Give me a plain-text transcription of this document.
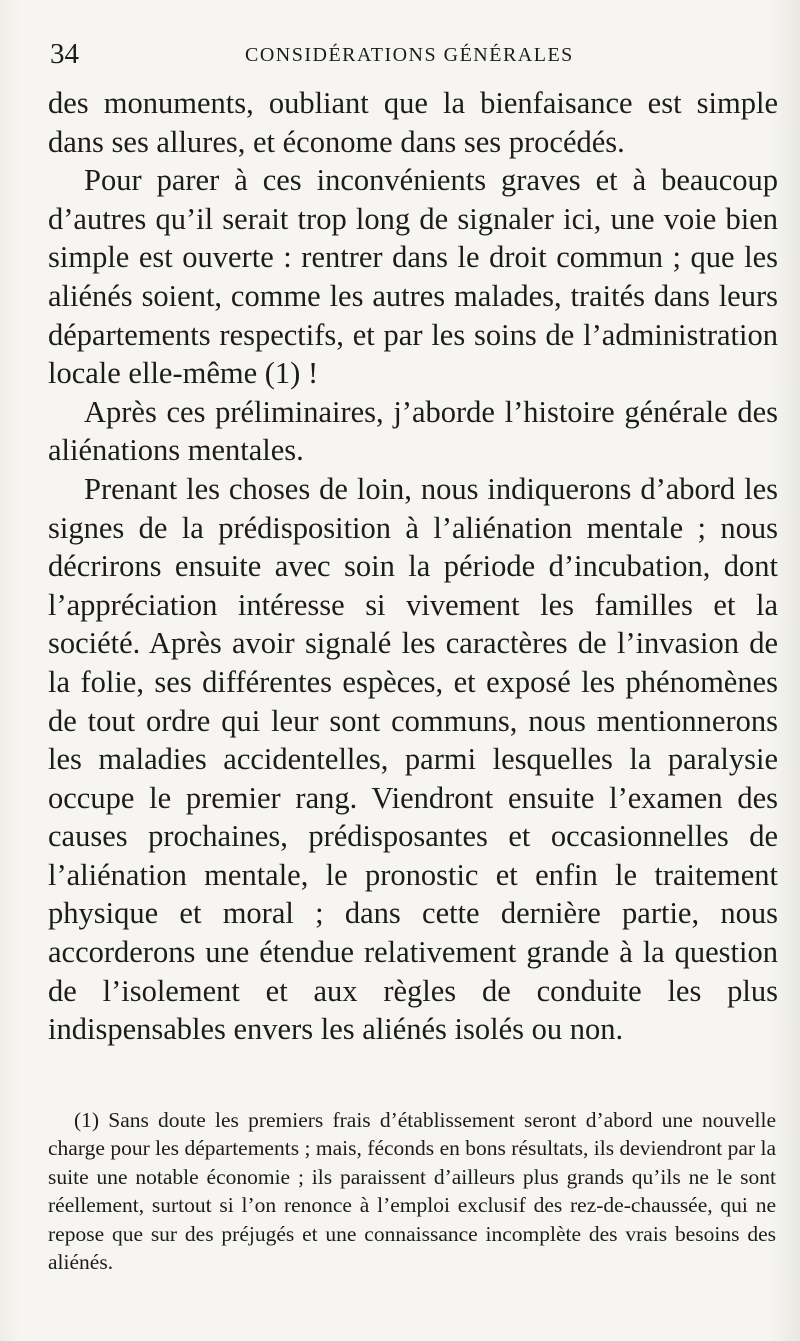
34	CONSIDÉRATIONS GÉNÉRALES

des monuments, oubliant que la bienfaisance est simple dans ses allures, et économe dans ses procédés.

Pour parer à ces inconvénients graves et à beaucoup d’autres qu’il serait trop long de signaler ici, une voie bien simple est ouverte : rentrer dans le droit commun ; que les aliénés soient, comme les autres malades, traités dans leurs départements respectifs, et par les soins de l’administration locale elle-même (1) !

Après ces préliminaires, j’aborde l’histoire générale des aliénations mentales.

Prenant les choses de loin, nous indiquerons d’abord les signes de la prédisposition à l’aliénation mentale ; nous décrirons ensuite avec soin la période d’incubation, dont l’appréciation intéresse si vivement les familles et la société. Après avoir signalé les caractères de l’invasion de la folie, ses différentes espèces, et exposé les phénomènes de tout ordre qui leur sont communs, nous mentionnerons les maladies accidentelles, parmi lesquelles la paralysie occupe le premier rang. Viendront ensuite l’examen des causes prochaines, prédisposantes et occasionnelles de l’aliénation mentale, le pronostic et enfin le traitement physique et moral ; dans cette dernière partie, nous accorderons une étendue relativement grande à la question de l’isolement et aux règles de conduite les plus indispensables envers les aliénés isolés ou non.

(1) Sans doute les premiers frais d’établissement seront d’abord une nouvelle charge pour les départements ; mais, féconds en bons résultats, ils deviendront par la suite une notable économie ; ils paraissent d’ailleurs plus grands qu’ils ne le sont réellement, surtout si l’on renonce à l’emploi exclusif des rez-de-chaussée, qui ne repose que sur des préjugés et une connaissance incomplète des vrais besoins des aliénés.
